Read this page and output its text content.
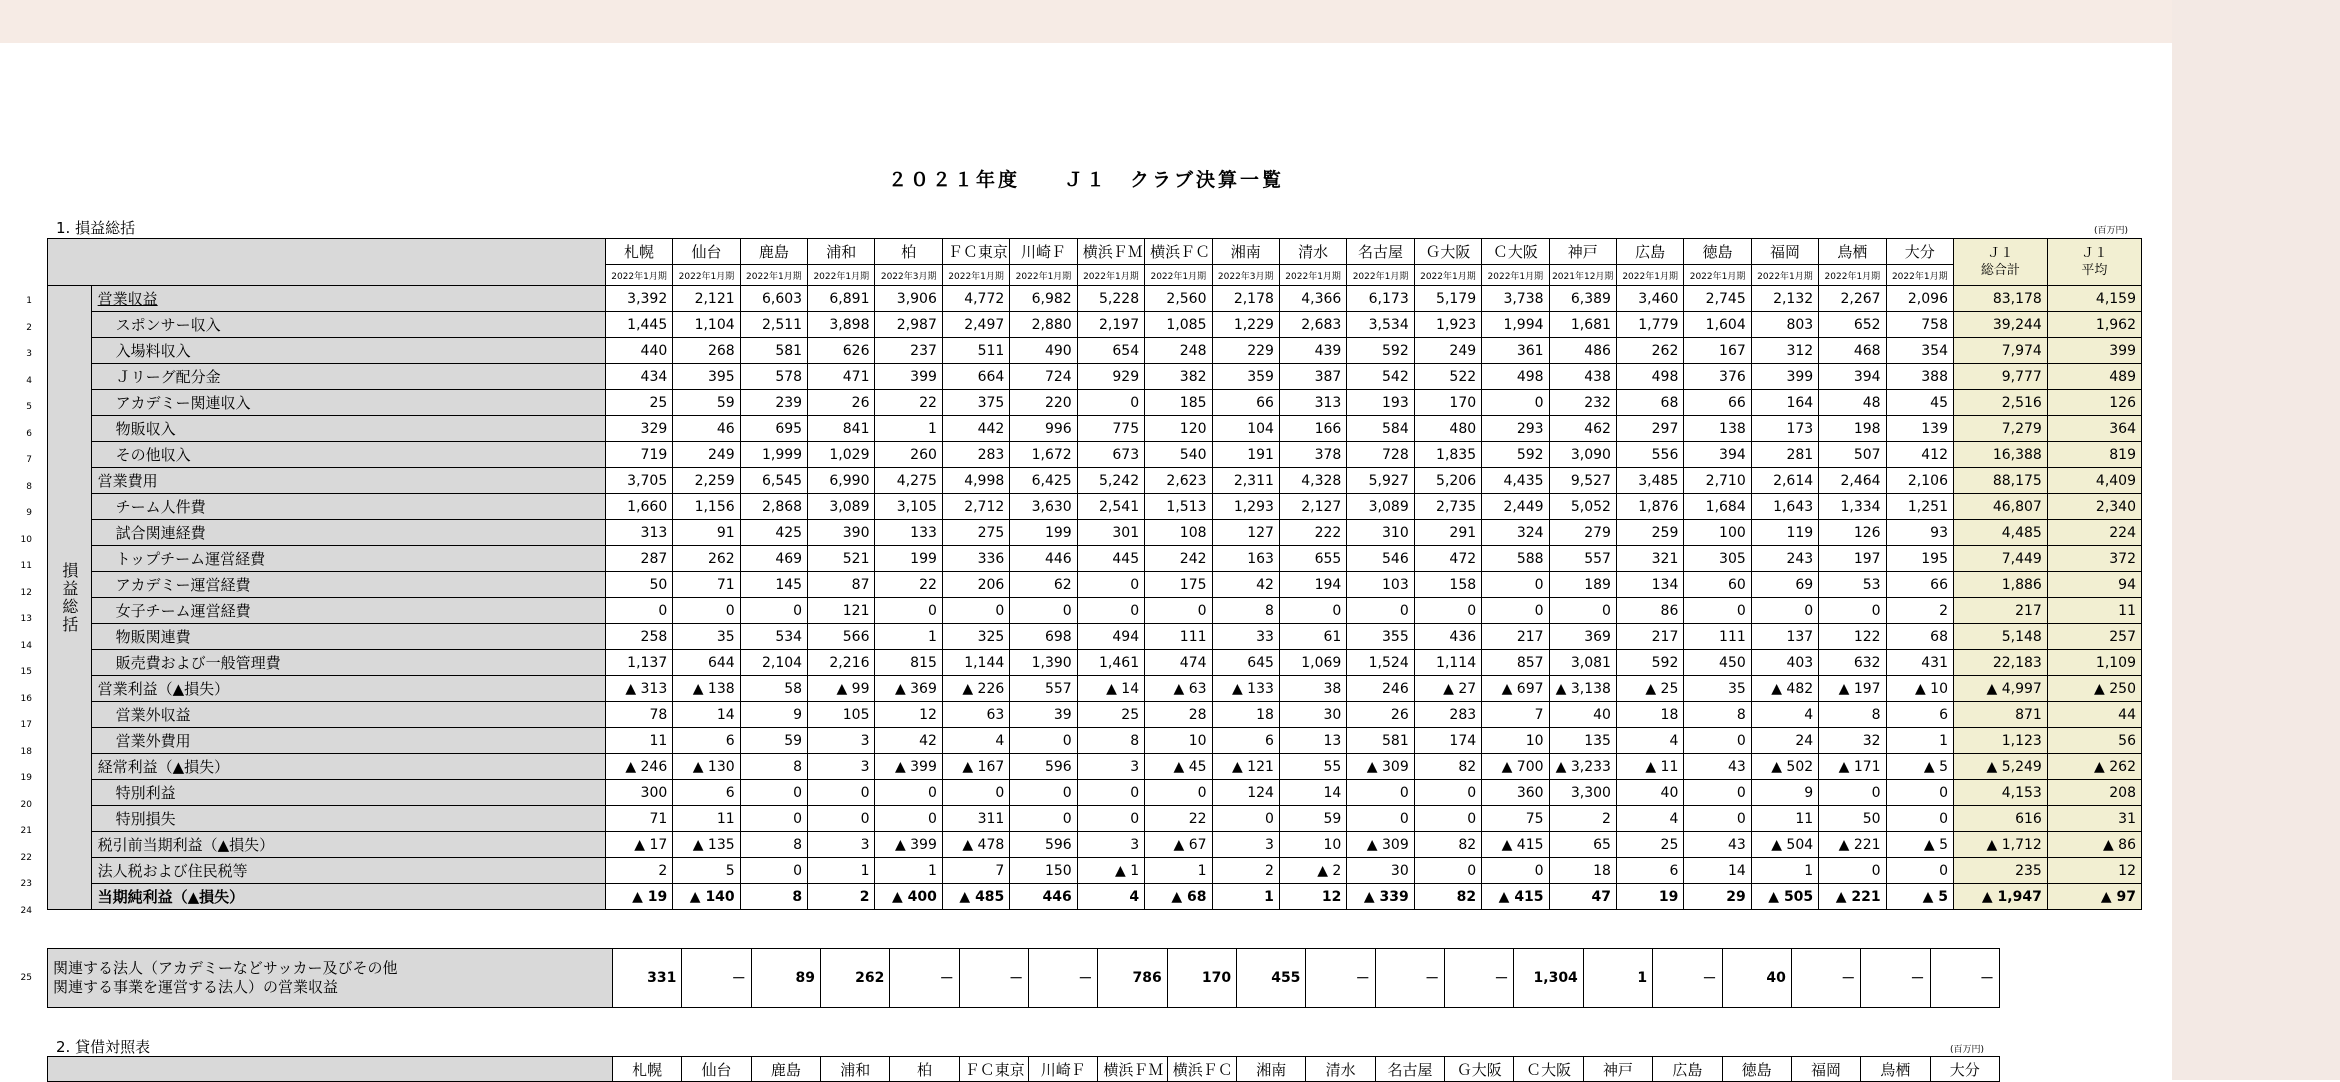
２０２１年度　　Ｊ１　クラブ決算一覧
1. 損益総括	(百万円)
1
2
3
4
5
6
7
8
9
10
11
12
13
14
15
16
17
18
19
20
21
22
23
24
		札幌	仙台	鹿島	浦和	柏	ＦＣ東京	川崎Ｆ	横浜ＦＭ	横浜ＦＣ	湘南	清水	名古屋	Ｇ大阪	Ｃ大阪	神戸	広島	徳島	福岡	鳥栖	大分	Ｊ１
総合計	Ｊ１
平均
		2022年1月期	2022年1月期	2022年1月期	2022年1月期	2022年3月期	2022年1月期	2022年1月期	2022年1月期	2022年1月期	2022年3月期	2022年1月期	2022年1月期	2022年1月期	2022年1月期	2021年12月期	2022年1月期	2022年1月期	2022年1月期	2022年1月期	2022年1月期		
損益総括	営業収益	3,392	2,121	6,603	6,891	3,906	4,772	6,982	5,228	2,560	2,178	4,366	6,173	5,179	3,738	6,389	3,460	2,745	2,132	2,267	2,096	83,178	4,159
	スポンサー収入	1,445	1,104	2,511	3,898	2,987	2,497	2,880	2,197	1,085	1,229	2,683	3,534	1,923	1,994	1,681	1,779	1,604	803	652	758	39,244	1,962
	入場料収入	440	268	581	626	237	511	490	654	248	229	439	592	249	361	486	262	167	312	468	354	7,974	399
	Ｊリーグ配分金	434	395	578	471	399	664	724	929	382	359	387	542	522	498	438	498	376	399	394	388	9,777	489
	アカデミー関連収入	25	59	239	26	22	375	220	0	185	66	313	193	170	0	232	68	66	164	48	45	2,516	126
	物販収入	329	46	695	841	1	442	996	775	120	104	166	584	480	293	462	297	138	173	198	139	7,279	364
	その他収入	719	249	1,999	1,029	260	283	1,672	673	540	191	378	728	1,835	592	3,090	556	394	281	507	412	16,388	819
	営業費用	3,705	2,259	6,545	6,990	4,275	4,998	6,425	5,242	2,623	2,311	4,328	5,927	5,206	4,435	9,527	3,485	2,710	2,614	2,464	2,106	88,175	4,409
	チーム人件費	1,660	1,156	2,868	3,089	3,105	2,712	3,630	2,541	1,513	1,293	2,127	3,089	2,735	2,449	5,052	1,876	1,684	1,643	1,334	1,251	46,807	2,340
	試合関連経費	313	91	425	390	133	275	199	301	108	127	222	310	291	324	279	259	100	119	126	93	4,485	224
	トップチーム運営経費	287	262	469	521	199	336	446	445	242	163	655	546	472	588	557	321	305	243	197	195	7,449	372
	アカデミー運営経費	50	71	145	87	22	206	62	0	175	42	194	103	158	0	189	134	60	69	53	66	1,886	94
	女子チーム運営経費	0	0	0	121	0	0	0	0	0	8	0	0	0	0	0	86	0	0	0	2	217	11
	物販関連費	258	35	534	566	1	325	698	494	111	33	61	355	436	217	369	217	111	137	122	68	5,148	257
	販売費および一般管理費	1,137	644	2,104	2,216	815	1,144	1,390	1,461	474	645	1,069	1,524	1,114	857	3,081	592	450	403	632	431	22,183	1,109
	営業利益（▲損失）	▲ 313	▲ 138	58	▲ 99	▲ 369	▲ 226	557	▲ 14	▲ 63	▲ 133	38	246	▲ 27	▲ 697	▲ 3,138	▲ 25	35	▲ 482	▲ 197	▲ 10	▲ 4,997	▲ 250
	営業外収益	78	14	9	105	12	63	39	25	28	18	30	26	283	7	40	18	8	4	8	6	871	44
	営業外費用	11	6	59	3	42	4	0	8	10	6	13	581	174	10	135	4	0	24	32	1	1,123	56
	経常利益（▲損失）	▲ 246	▲ 130	8	3	▲ 399	▲ 167	596	3	▲ 45	▲ 121	55	▲ 309	82	▲ 700	▲ 3,233	▲ 11	43	▲ 502	▲ 171	▲ 5	▲ 5,249	▲ 262
	特別利益	300	6	0	0	0	0	0	0	0	124	14	0	0	360	3,300	40	0	9	0	0	4,153	208
	特別損失	71	11	0	0	0	311	0	0	22	0	59	0	0	75	2	4	0	11	50	0	616	31
	税引前当期利益（▲損失）	▲ 17	▲ 135	8	3	▲ 399	▲ 478	596	3	▲ 67	3	10	▲ 309	82	▲ 415	65	25	43	▲ 504	▲ 221	▲ 5	▲ 1,712	▲ 86
	法人税および住民税等	2	5	0	1	1	7	150	▲ 1	1	2	▲ 2	30	0	0	18	6	14	1	0	0	235	12
	当期純利益（▲損失）	▲ 19	▲ 140	8	2	▲ 400	▲ 485	446	4	▲ 68	1	12	▲ 339	82	▲ 415	47	19	29	▲ 505	▲ 221	▲ 5	▲ 1,947	▲ 97
関連する法人（アカデミーなどサッカー及びその他
関連する事業を運営する法人）の営業収益	331	－	89	262	－	－	－	786	170	455	－	－	－	1,304	1	－	40	－	－	－
25
2. 貸借対照表	(百万円)
	札幌	仙台	鹿島	浦和	柏	ＦＣ東京	川崎Ｆ	横浜ＦＭ	横浜ＦＣ	湘南	清水	名古屋	Ｇ大阪	Ｃ大阪	神戸	広島	徳島	福岡	鳥栖	大分
